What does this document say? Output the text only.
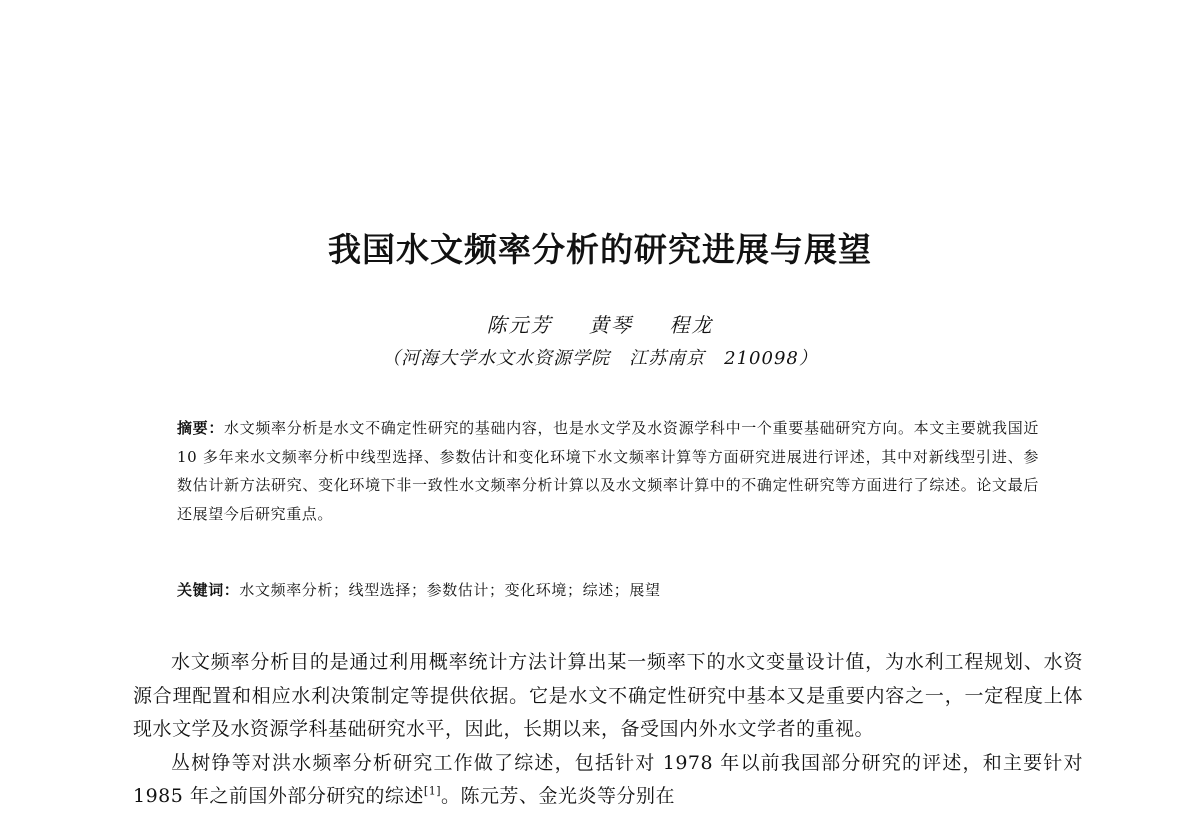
我国水文频率分析的研究进展与展望
陈元芳 黄琴 程龙
（河海大学水文水资源学院　江苏南京　210098）
摘要：水文频率分析是水文不确定性研究的基础内容，也是水文学及水资源学科中一个重要基础研究方向。本文主要就我国近 10 多年来水文频率分析中线型选择、参数估计和变化环境下水文频率计算等方面研究进展进行评述，其中对新线型引进、参数估计新方法研究、变化环境下非一致性水文频率分析计算以及水文频率计算中的不确定性研究等方面进行了综述。论文最后还展望今后研究重点。
关键词：水文频率分析；线型选择；参数估计；变化环境；综述；展望

水文频率分析目的是通过利用概率统计方法计算出某一频率下的水文变量设计值，为水利工程规划、水资源合理配置和相应水利决策制定等提供依据。它是水文不确定性研究中基本又是重要内容之一，一定程度上体现水文学及水资源学科基础研究水平，因此，长期以来，备受国内外水文学者的重视。

丛树铮等对洪水频率分析研究工作做了综述，包括针对 1978 年以前我国部分研究的评述，和主要针对 1985 年之前国外部分研究的综述[1]。陈元芳、金光炎等分别在
